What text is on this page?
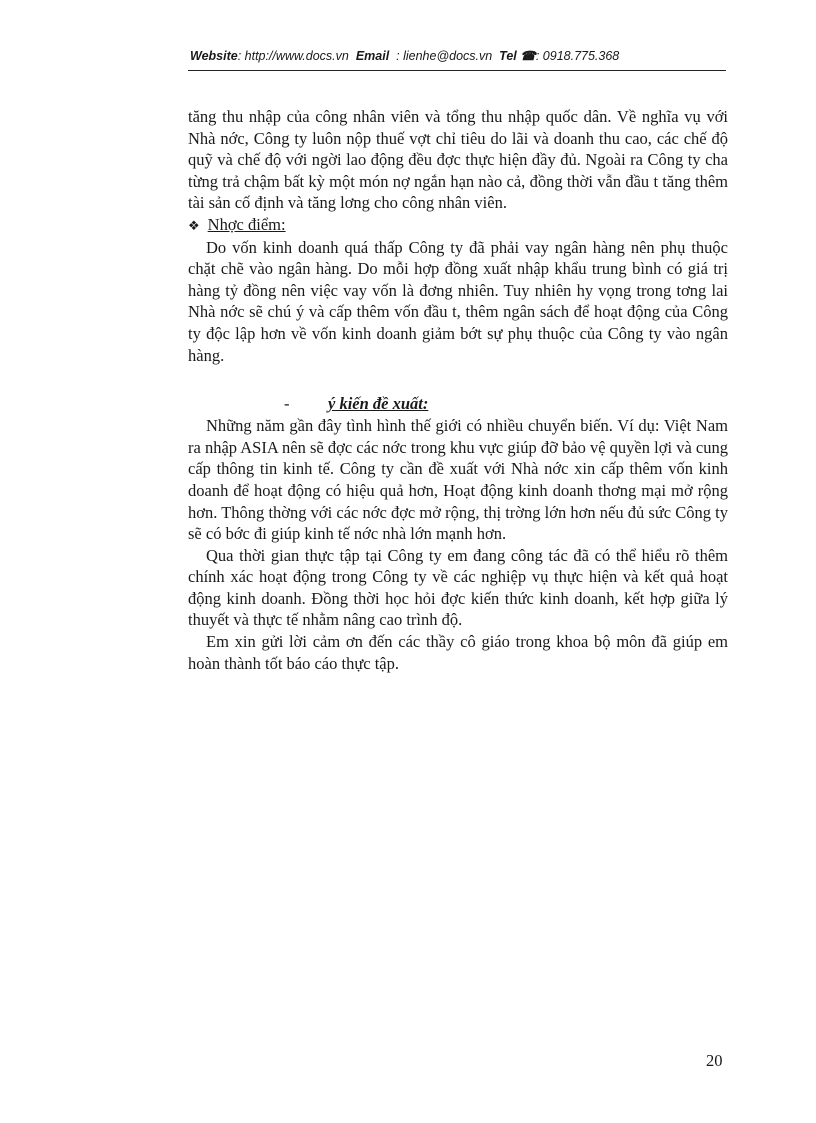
Website: http://www.docs.vn Email : lienhe@docs.vn Tel ☎: 0918.775.368

tăng thu nhập của công nhân viên và tổng thu nhập quốc dân. Về nghĩa vụ với Nhà nớc, Công ty luôn nộp thuế vợt chỉ tiêu do lãi và doanh thu cao, các chế độ quỹ và chế độ với ngời lao động đều đợc thực hiện đầy đủ. Ngoài ra Công ty cha từng trả chậm bất kỳ một món nợ ngắn hạn nào cả, đồng thời vẫn đầu t tăng thêm tài sản cố định và tăng lơng cho công nhân viên.

❖ Nhợc điểm:

Do vốn kinh doanh quá thấp Công ty đã phải vay ngân hàng nên phụ thuộc chặt chẽ vào ngân hàng. Do mỗi hợp đồng xuất nhập khẩu trung bình có giá trị hàng tỷ đồng nên việc vay vốn là đơng nhiên. Tuy nhiên hy vọng trong tơng lai Nhà nớc sẽ chú ý và cấp thêm vốn đầu t, thêm ngân sách để hoạt động của Công ty độc lập hơn về vốn kinh doanh giảm bớt sự phụ thuộc của Công ty vào ngân hàng.

- ý kiến đề xuất:

Những năm gần đây tình hình thế giới có nhiều chuyển biến. Ví dụ: Việt Nam ra nhập ASIA nên sẽ đợc các nớc trong khu vực giúp đỡ bảo vệ quyền lợi và cung cấp thông tin kinh tế. Công ty cần đề xuất với Nhà nớc xin cấp thêm vốn kinh doanh để hoạt động có hiệu quả hơn, Hoạt động kinh doanh thơng mại mở rộng hơn. Thông thờng với các nớc đợc mở rộng, thị trờng lớn hơn nếu đủ sức Công ty sẽ có bớc đi giúp kinh tế nớc nhà lớn mạnh hơn.

Qua thời gian thực tập tại Công ty em đang công tác đã có thể hiểu rõ thêm chính xác hoạt động trong Công ty về các nghiệp vụ thực hiện và kết quả hoạt động kinh doanh. Đồng thời học hỏi đợc kiến thức kinh doanh, kết hợp giữa lý thuyết và thực tế nhằm nâng cao trình độ.

Em xin gửi lời cảm ơn đến các thầy cô giáo trong khoa bộ môn đã giúp em hoàn thành tốt báo cáo thực tập.

20
